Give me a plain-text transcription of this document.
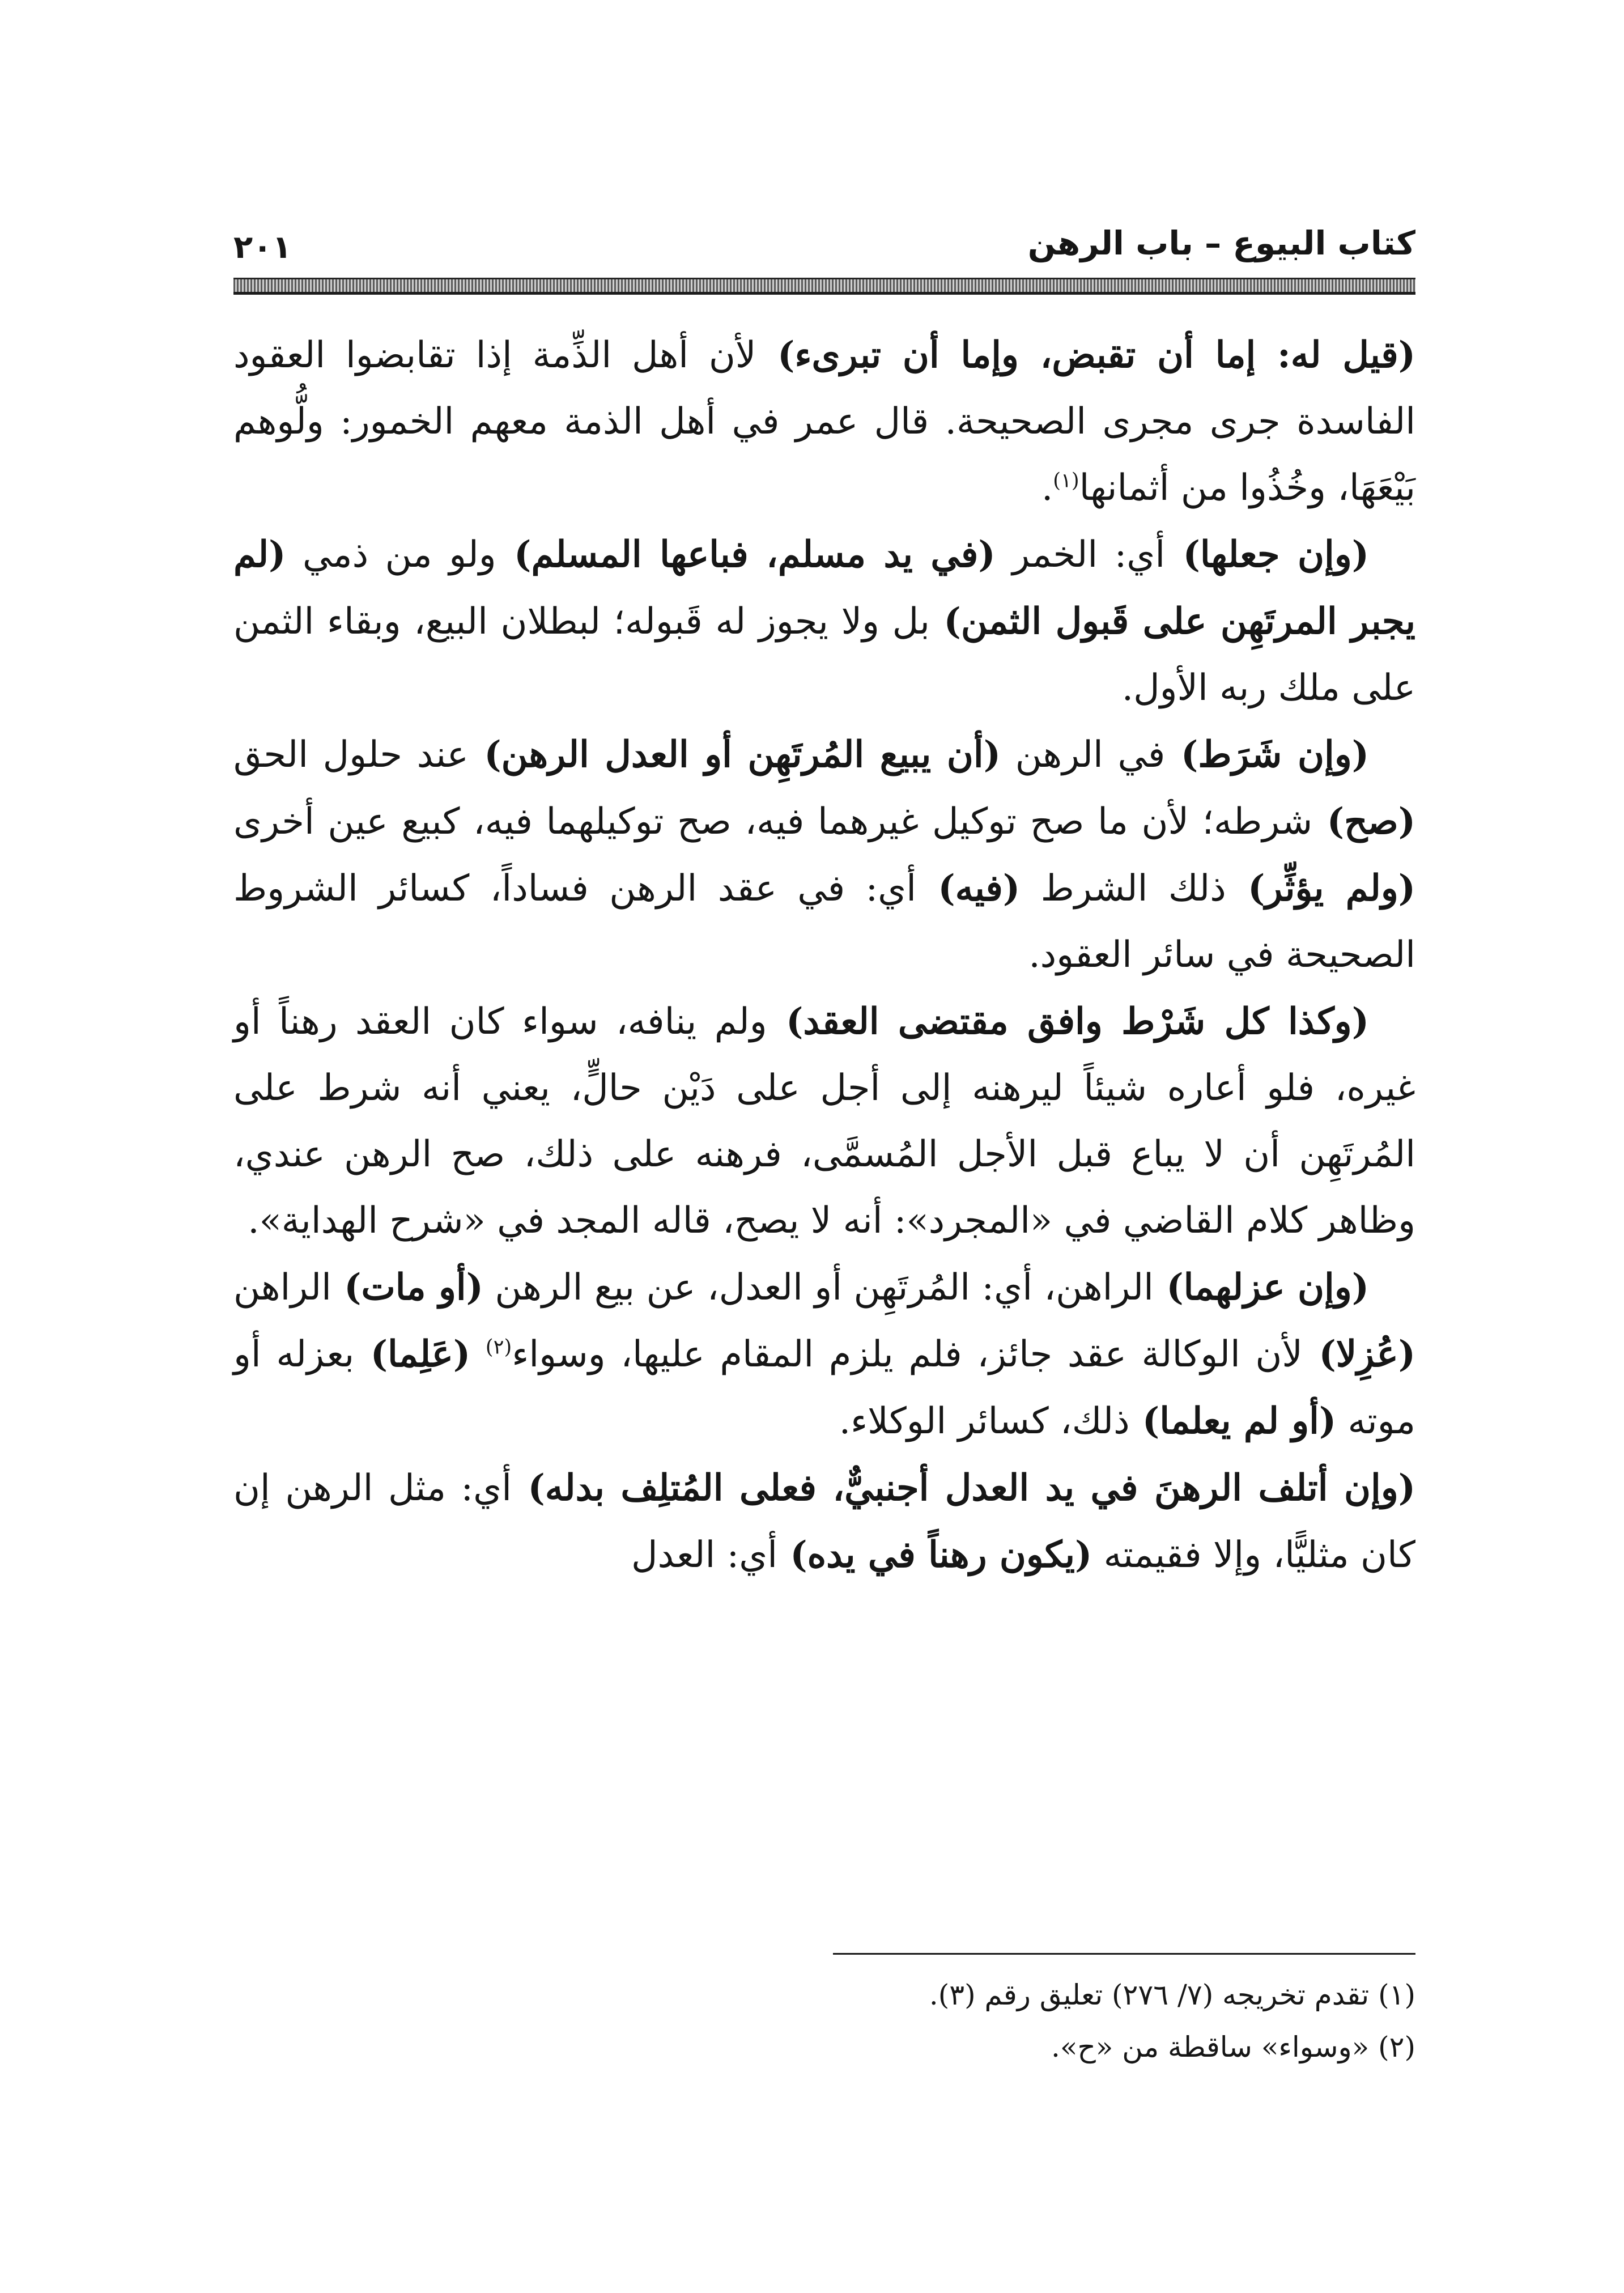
كتاب البيوع – باب الرهن
٢٠١

(قيل له: إما أن تقبض، وإما أن تبرىء) لأن أهل الذِّمة إذا تقابضوا العقود الفاسدة جرى مجرى الصحيحة. قال عمر في أهل الذمة معهم الخمور: ولُّوهم بَيْعَهَا، وخُذُوا من أثمانها$^{(١)}$.

(وإن جعلها) أي: الخمر (في يد مسلم، فباعها المسلم) ولو من ذمي (لم يجبر المرتَهِن على قَبول الثمن) بل ولا يجوز له قَبوله؛ لبطلان البيع، وبقاء الثمن على ملك ربه الأول.

(وإن شَرَط) في الرهن (أن يبيع المُرتَهِن أو العدل الرهن) عند حلول الحق (صح) شرطه؛ لأن ما صح توكيل غيرهما فيه، صح توكيلهما فيه، كبيع عين أخرى (ولم يؤثِّر) ذلك الشرط (فيه) أي: في عقد الرهن فساداً، كسائر الشروط الصحيحة في سائر العقود.

(وكذا كل شَرْط وافق مقتضى العقد) ولم ينافه، سواء كان العقد رهناً أو غيره، فلو أعاره شيئاً ليرهنه إلى أجل على دَيْن حالٍّ، يعني أنه شرط على المُرتَهِن أن لا يباع قبل الأجل المُسمَّى، فرهنه على ذلك، صح الرهن عندي، وظاهر كلام القاضي في «المجرد»: أنه لا يصح، قاله المجد في «شرح الهداية».

(وإن عزلهما) الراهن، أي: المُرتَهِن أو العدل، عن بيع الرهن (أو مات) الراهن (عُزِلا) لأن الوكالة عقد جائز، فلم يلزم المقام عليها، وسواء$^{(٢)}$ (عَلِما) بعزله أو موته (أو لم يعلما) ذلك، كسائر الوكلاء.

(وإن أتلف الرهنَ في يد العدل أجنبيٌّ، فعلى المُتلِف بدله) أي: مثل الرهن إن كان مثليًّا، وإلا فقيمته (يكون رهناً في يده) أي: العدل

(١) تقدم تخريجه (٧/ ٢٧٦) تعليق رقم (٣).

(٢) «وسواء» ساقطة من «ح».
